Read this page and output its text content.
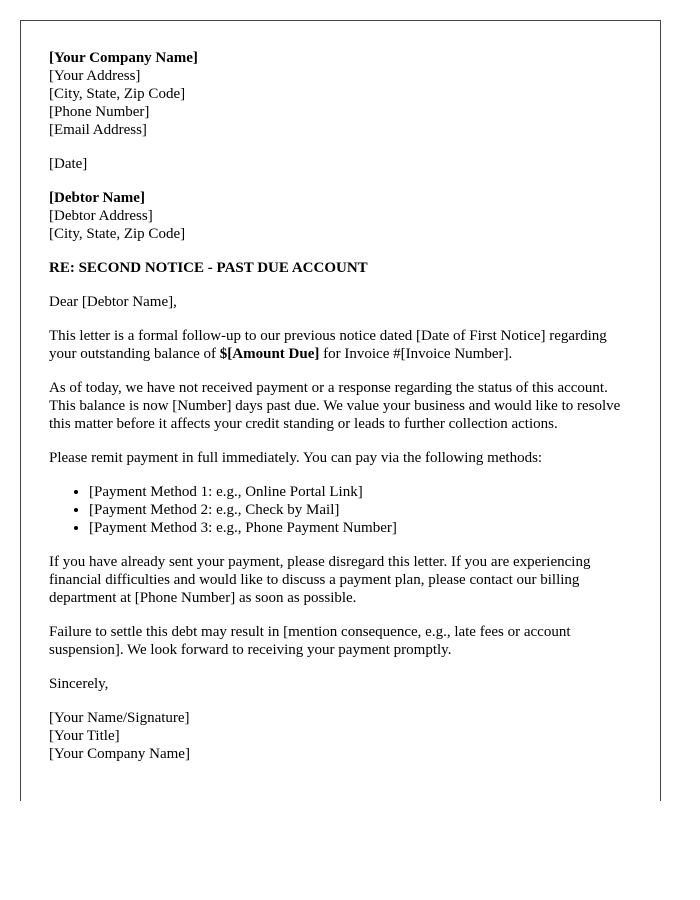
[Your Company Name]
[Your Address]
[City, State, Zip Code]
[Phone Number]
[Email Address]
[Date]
[Debtor Name]
[Debtor Address]
[City, State, Zip Code]

RE: SECOND NOTICE - PAST DUE ACCOUNT

Dear [Debtor Name],

This letter is a formal follow-up to our previous notice dated [Date of First Notice] regarding your outstanding balance of $[Amount Due] for Invoice #[Invoice Number].

As of today, we have not received payment or a response regarding the status of this account. This balance is now [Number] days past due. We value your business and would like to resolve this matter before it affects your credit standing or leads to further collection actions.

Please remit payment in full immediately. You can pay via the following methods:

• [Payment Method 1: e.g., Online Portal Link]
• [Payment Method 2: e.g., Check by Mail]
• [Payment Method 3: e.g., Phone Payment Number]

If you have already sent your payment, please disregard this letter. If you are experiencing financial difficulties and would like to discuss a payment plan, please contact our billing department at [Phone Number] as soon as possible.

Failure to settle this debt may result in [mention consequence, e.g., late fees or account suspension]. We look forward to receiving your payment promptly.

Sincerely,

[Your Name/Signature]
[Your Title]
[Your Company Name]
